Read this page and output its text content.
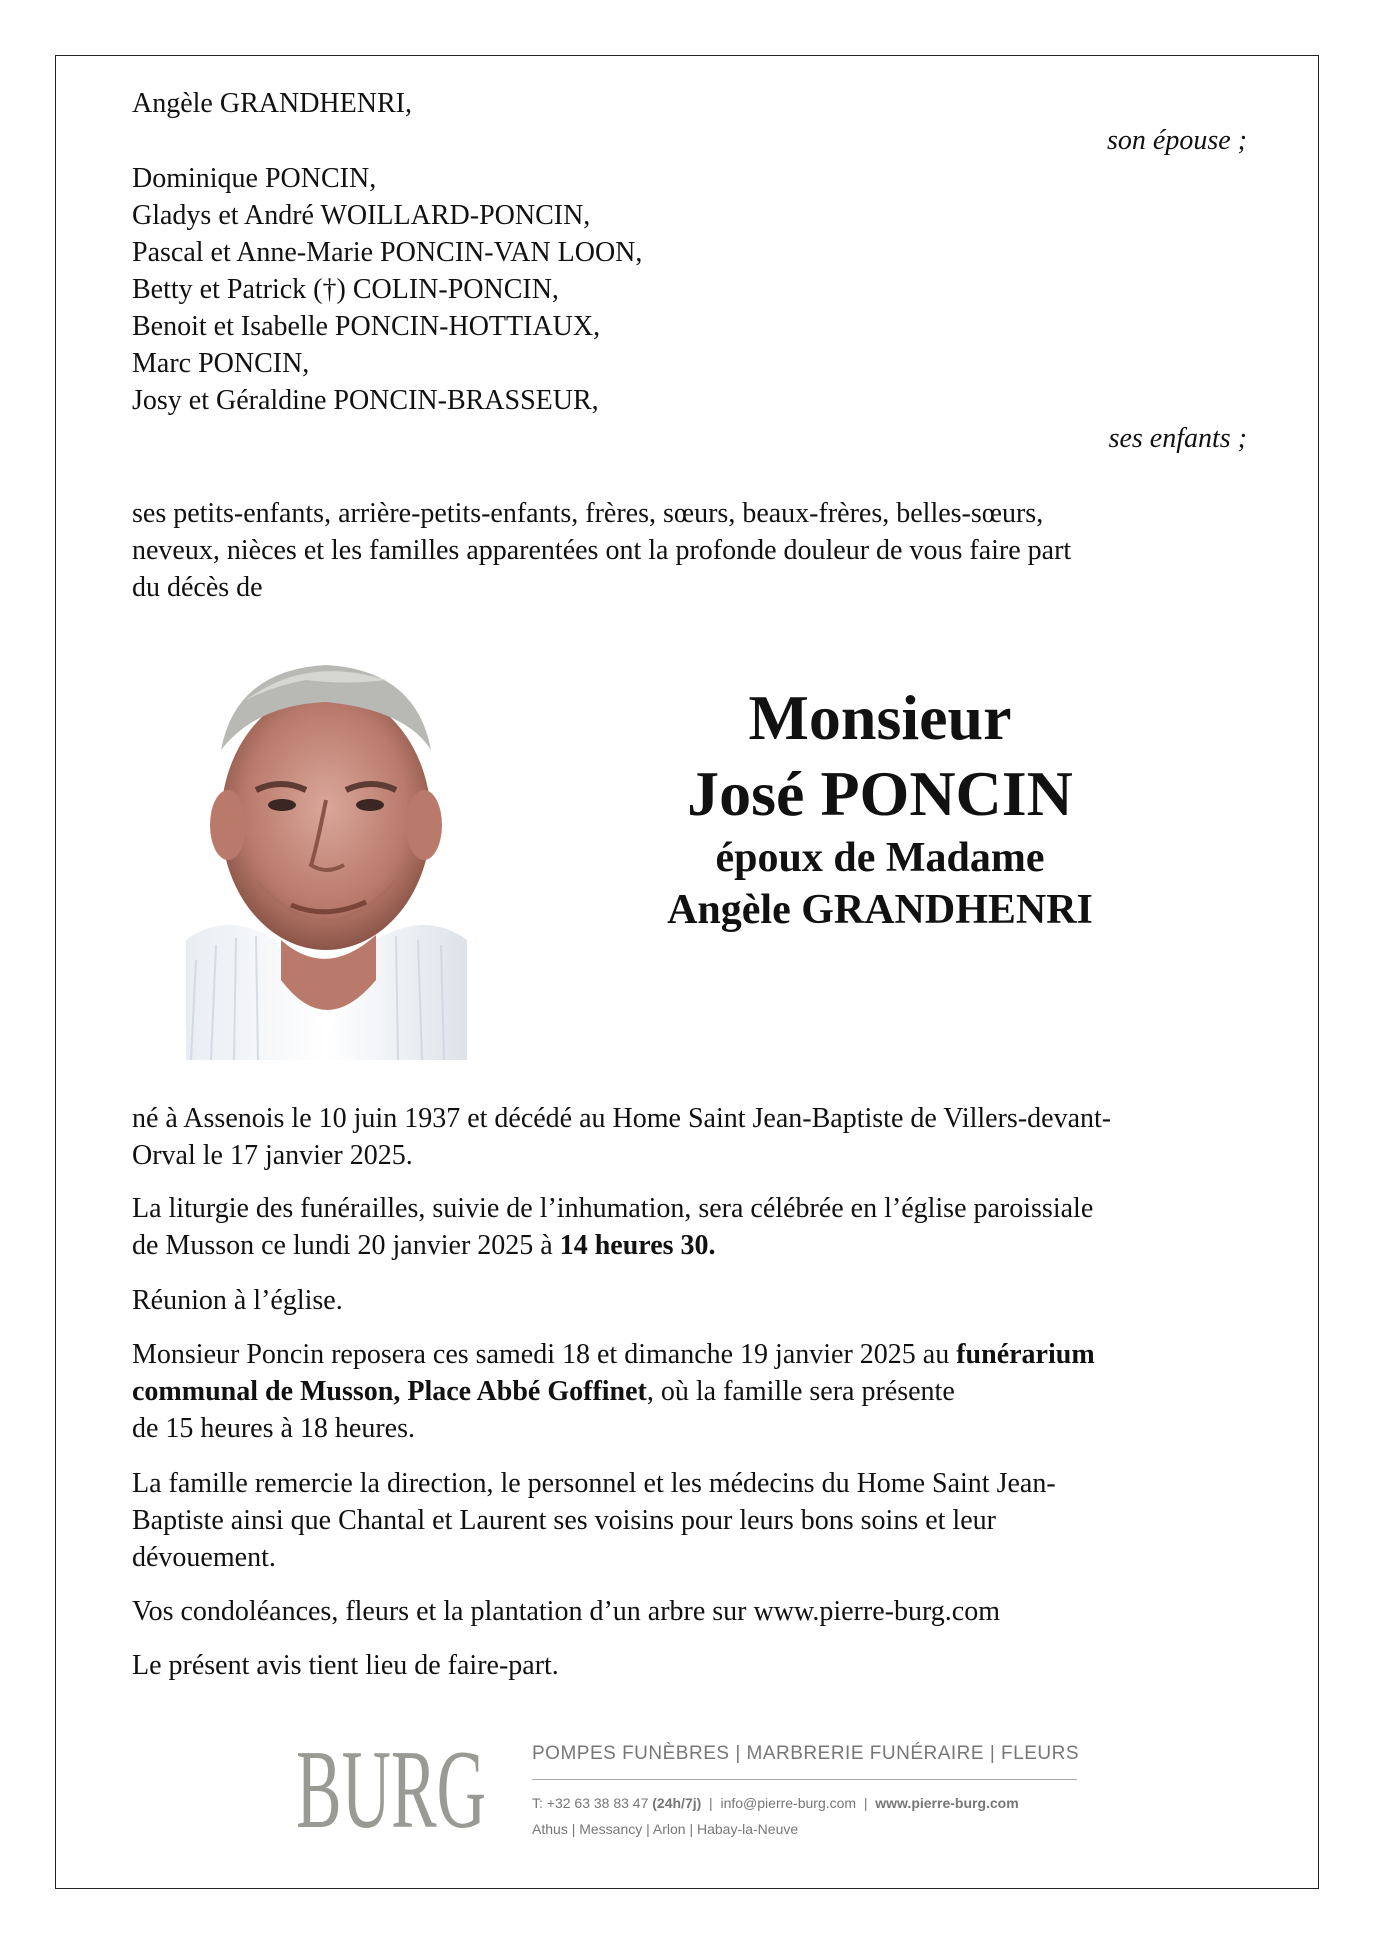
Angèle GRANDHENRI,
son épouse ;
Dominique PONCIN,
Gladys et André WOILLARD-PONCIN,
Pascal et Anne-Marie PONCIN-VAN LOON,
Betty et Patrick (†) COLIN-PONCIN,
Benoit et Isabelle PONCIN-HOTTIAUX,
Marc PONCIN,
Josy et Géraldine PONCIN-BRASSEUR,
ses enfants ;
ses petits-enfants, arrière-petits-enfants, frères, sœurs, beaux-frères, belles-sœurs,
neveux, nièces et les familles apparentées ont la profonde douleur de vous faire part
du décès de
Monsieur
José PONCIN
époux de Madame
Angèle GRANDHENRI
né à Assenois le 10 juin 1937 et décédé au Home Saint Jean-Baptiste de Villers-devant-
Orval le 17 janvier 2025.
La liturgie des funérailles, suivie de l’inhumation, sera célébrée en l’église paroissiale
de Musson ce lundi 20 janvier 2025 à 14 heures 30.
Réunion à l’église.
Monsieur Poncin reposera ces samedi 18 et dimanche 19 janvier 2025 au funérarium
communal de Musson, Place Abbé Goffinet, où la famille sera présente
de 15 heures à 18 heures.
La famille remercie la direction, le personnel et les médecins du Home Saint Jean-
Baptiste ainsi que Chantal et Laurent ses voisins pour leurs bons soins et leur
dévouement.
Vos condoléances, fleurs et la plantation d’un arbre sur www.pierre-burg.com
Le présent avis tient lieu de faire-part.
BURG POMPES FUNÈBRES | MARBRERIE FUNÉRAIRE | FLEURS
T: +32 63 38 83 47 (24h/7j)  |  info@pierre-burg.com  |  www.pierre-burg.com
Athus | Messancy | Arlon | Habay-la-Neuve
